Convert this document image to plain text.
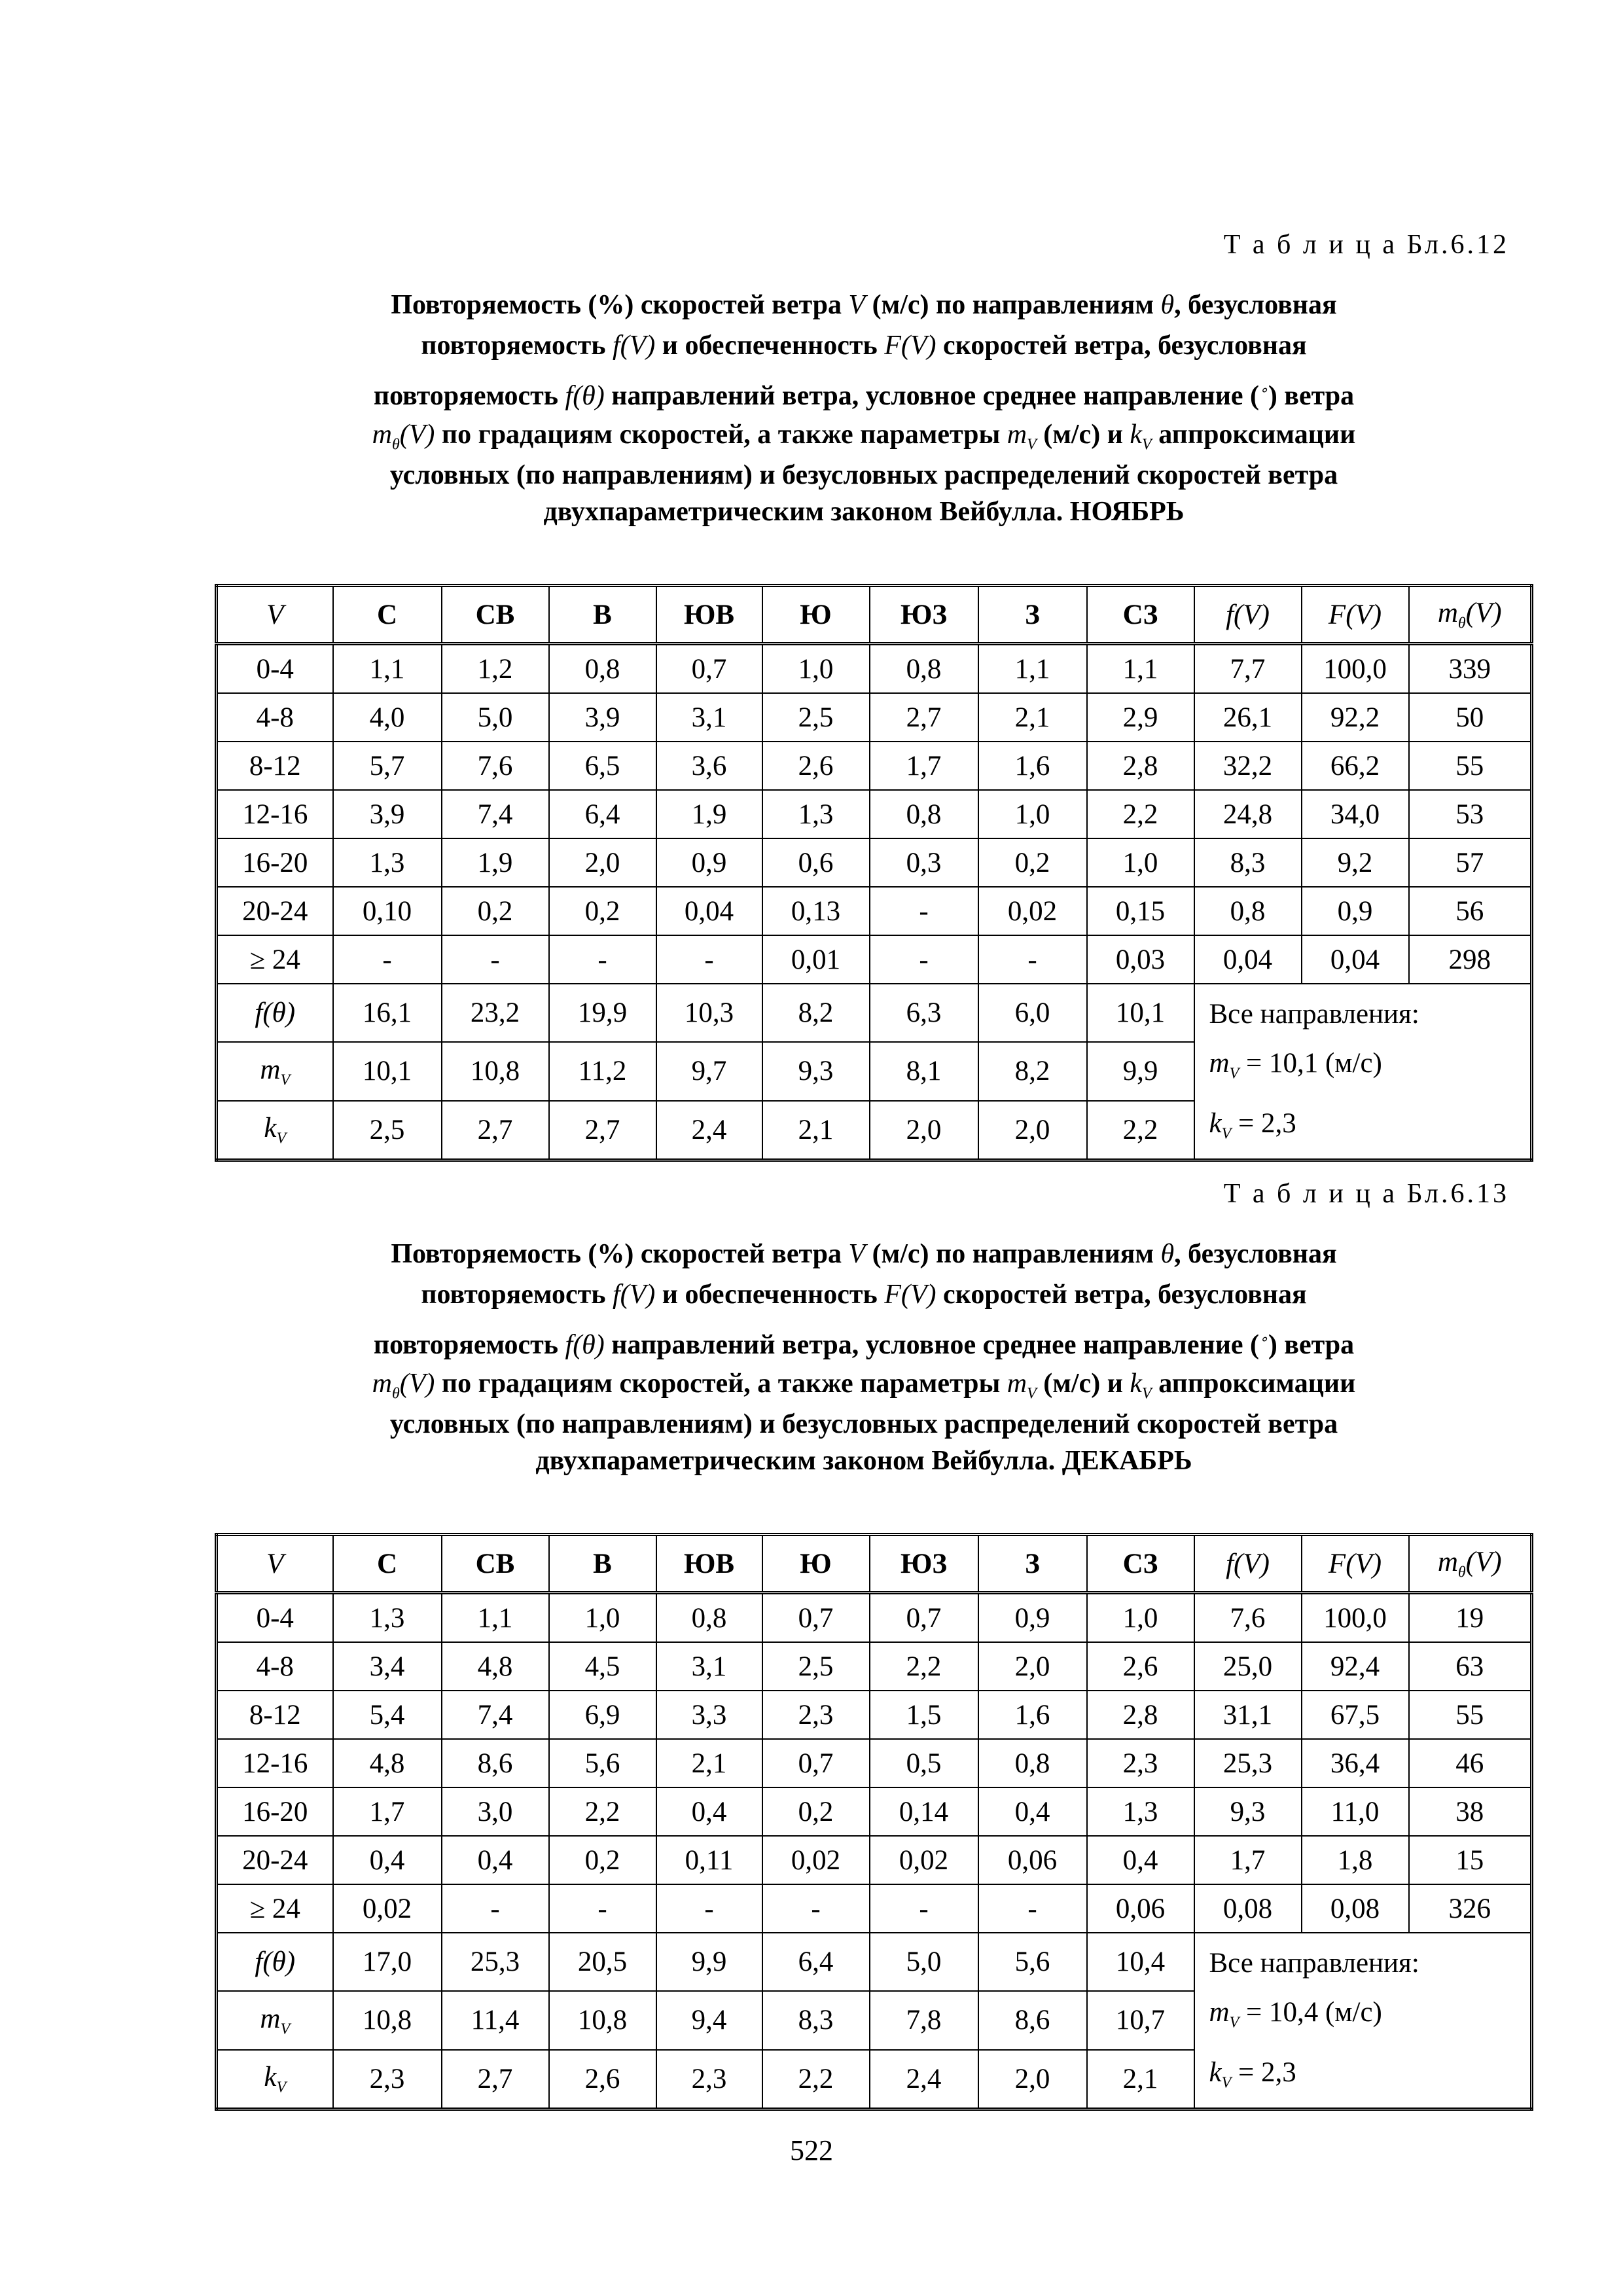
Т а б л и ц а Бл.6.12
Повторяемость (%) скоростей ветра V (м/с) по направлениям θ, безусловная
повторяемость f(V) и обеспеченность F(V) скоростей ветра, безусловная
повторяемость f(θ) направлений ветра, условное среднее направление (∘) ветра
$m_\theta(V)$ по градациям скоростей, а также параметры $m_V$ (м/с) и $k_V$ аппроксимации
условных (по направлениям) и безусловных распределений скоростей ветра
двухпараметрическим законом Вейбулла. НОЯБРЬ
V	С	СВ	В	ЮВ	Ю	ЮЗ	З	СЗ	f(V)	F(V)	$m_\theta(V)$
0-4	1,1	1,2	0,8	0,7	1,0	0,8	1,1	1,1	7,7	100,0	339
4-8	4,0	5,0	3,9	3,1	2,5	2,7	2,1	2,9	26,1	92,2	50
8-12	5,7	7,6	6,5	3,6	2,6	1,7	1,6	2,8	32,2	66,2	55
12-16	3,9	7,4	6,4	1,9	1,3	0,8	1,0	2,2	24,8	34,0	53
16-20	1,3	1,9	2,0	0,9	0,6	0,3	0,2	1,0	8,3	9,2	57
20-24	0,10	0,2	0,2	0,04	0,13	-	0,02	0,15	0,8	0,9	56
≥ 24	-	-	-	-	0,01	-	-	0,03	0,04	0,04	298
f(θ)	16,1	23,2	19,9	10,3	8,2	6,3	6,0	10,1	Все направления:
$m_V = 10,1$ (м/с)
$k_V = 2,3$		

$m_V$	10,1	10,8	11,2	9,7	9,3	8,1	8,2	9,9			
$k_V$	2,5	2,7	2,7	2,4	2,1	2,0	2,0	2,2			
Т а б л и ц а Бл.6.13
Повторяемость (%) скоростей ветра V (м/с) по направлениям θ, безусловная
повторяемость f(V) и обеспеченность F(V) скоростей ветра, безусловная
повторяемость f(θ) направлений ветра, условное среднее направление (∘) ветра
$m_\theta(V)$ по градациям скоростей, а также параметры $m_V$ (м/с) и $k_V$ аппроксимации
условных (по направлениям) и безусловных распределений скоростей ветра
двухпараметрическим законом Вейбулла. ДЕКАБРЬ
V	С	СВ	В	ЮВ	Ю	ЮЗ	З	СЗ	f(V)	F(V)	$m_\theta(V)$
0-4	1,3	1,1	1,0	0,8	0,7	0,7	0,9	1,0	7,6	100,0	19
4-8	3,4	4,8	4,5	3,1	2,5	2,2	2,0	2,6	25,0	92,4	63
8-12	5,4	7,4	6,9	3,3	2,3	1,5	1,6	2,8	31,1	67,5	55
12-16	4,8	8,6	5,6	2,1	0,7	0,5	0,8	2,3	25,3	36,4	46
16-20	1,7	3,0	2,2	0,4	0,2	0,14	0,4	1,3	9,3	11,0	38
20-24	0,4	0,4	0,2	0,11	0,02	0,02	0,06	0,4	1,7	1,8	15
≥ 24	0,02	-	-	-	-	-	-	0,06	0,08	0,08	326
f(θ)	17,0	25,3	20,5	9,9	6,4	5,0	5,6	10,4	Все направления:
$m_V = 10,4$ (м/с)
$k_V = 2,3$		

$m_V$	10,8	11,4	10,8	9,4	8,3	7,8	8,6	10,7			
$k_V$	2,3	2,7	2,6	2,3	2,2	2,4	2,0	2,1			
522
